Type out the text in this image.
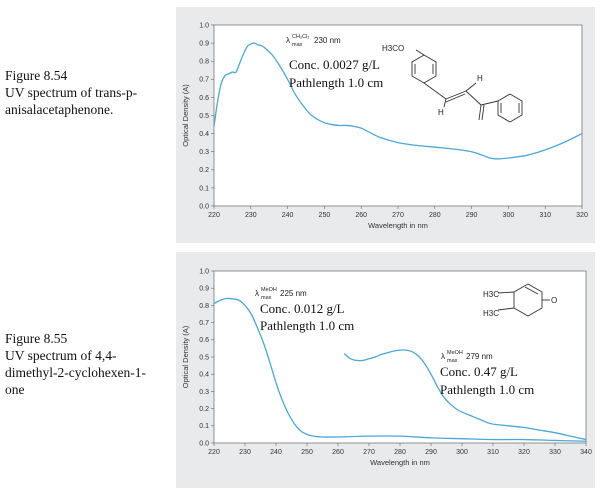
Figure 8.54
UV spectrum of trans-p-
anisalacetaphenone.
Figure 8.55
UV spectrum of 4,4-
dimethyl-2-cyclohexen-1-
one
0.0
0.1
0.2
0.3
0.4
0.5
0.6
0.7
0.8
0.9
1.0
220	230	240	250	260	270	280	290	300	310	320
Wavelength in nm
Optical Density (A)
λ CH₂Cl₂
max 230 nm
Conc. 0.0027 g/L
Pathlength 1.0 cm
H3CO
H
H
0.0
0.1
0.2
0.3
0.4
0.5
0.6
0.7
0.8
0.9
1.0
220	230	240	250	260	270	280	290	300	310	320	330	340
Wavelength in nm
Optical Density (A)
λ MeOH
max 225 nm
Conc. 0.012 g/L
Pathlength 1.0 cm
λ MeOH
max 279 nm
Conc. 0.47 g/L
Pathlength 1.0 cm
O
H3C
H3C
